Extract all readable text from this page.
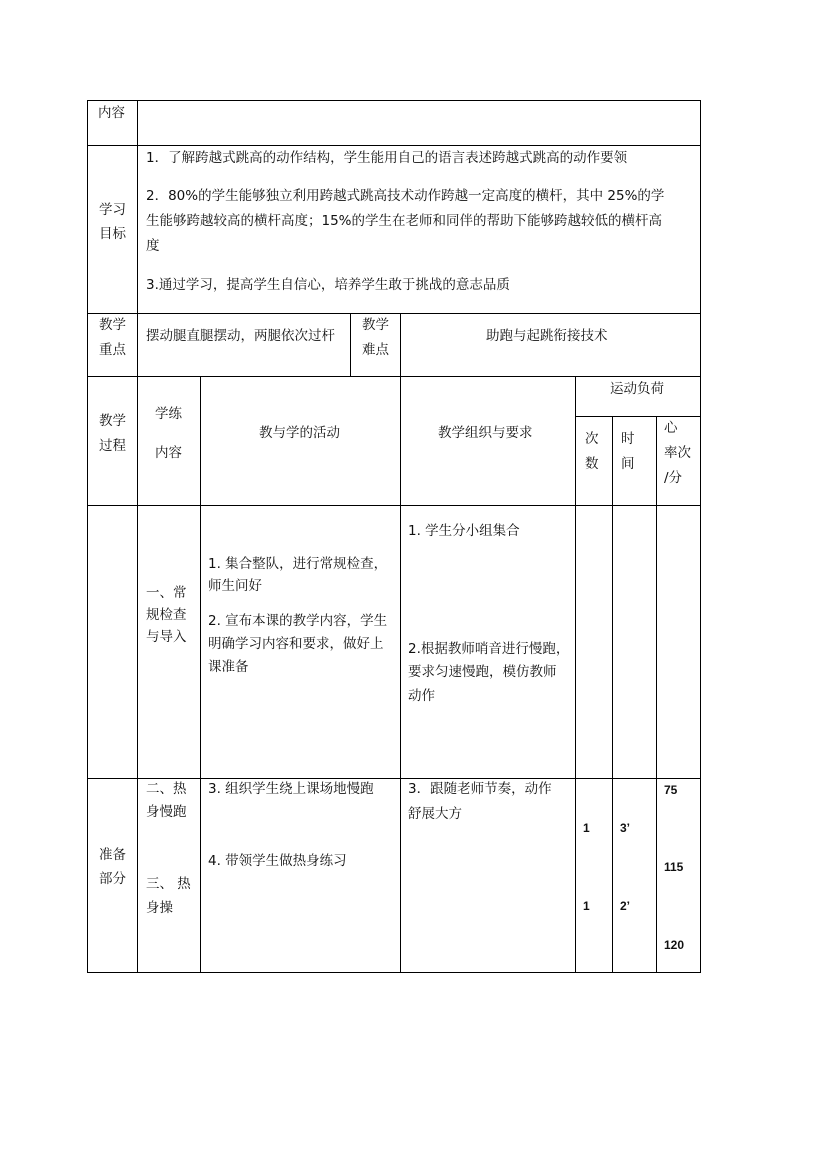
内容
学习
目标
1．了解跨越式跳高的动作结构，学生能用自己的语言表述跨越式跳高的动作要领
2．80%的学生能够独立利用跨越式跳高技术动作跨越一定高度的横杆，其中 25%的学
生能够跨越较高的横杆高度；15%的学生在老师和同伴的帮助下能够跨越较低的横杆高
度
3.通过学习，提高学生自信心，培养学生敢于挑战的意志品质
教学
重点
摆动腿直腿摆动，两腿依次过杆
教学
难点
助跑与起跳衔接技术
教学
过程
学练
内容
教与学的活动	教学组织与要求
运动负荷
次
数
时
间
心
率次
/分
一、常
规检查
与导入
1. 集合整队，进行常规检查，
师生问好
2. 宣布本课的教学内容，学生
明确学习内容和要求，做好上
课准备
1. 学生分小组集合
2.根据教师哨音进行慢跑，
要求匀速慢跑，模仿教师
动作
准备
部分
二、热
身慢跑
三、 热
身操
3. 组织学生绕上课场地慢跑
4. 带领学生做热身练习
3．跟随老师节奏，动作
舒展大方
1
1
3’
2’
75
115
120
